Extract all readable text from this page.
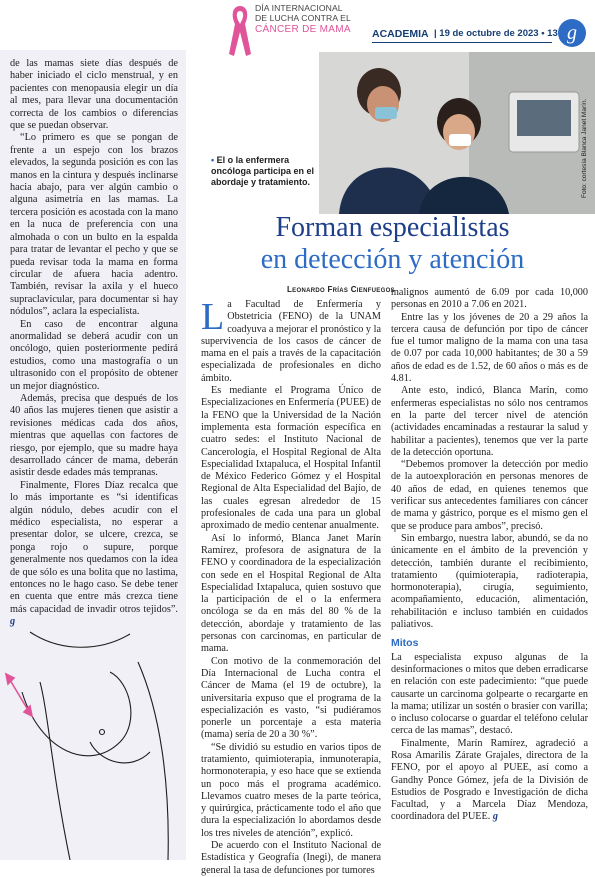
DÍA INTERNACIONAL
DE LUCHA CONTRA EL
CÁNCER DE MAMA ACADEMIA | 19 de octubre de 2023 • 13 g

de las mamas siete días después de haber iniciado el ciclo menstrual, y en pacientes con menopausia elegir un día al mes, para llevar una documentación correcta de los cambios o diferencias que se puedan observar.

“Lo primero es que se pongan de frente a un espejo con los brazos elevados, la segunda posición es con las manos en la cintura y después inclinarse hacia abajo, para ver algún cambio o alguna asimetría en las mamas. La tercera posición es acostada con la mano en la nuca de preferencia con una almohada o con un bulto en la espalda para tratar de levantar el pecho y que se pueda revisar toda la mama en forma circular de afuera hacia adentro. También, revisar la axila y el hueco supraclavicular, para documentar si hay nódulos”, aclara la especialista.

En caso de encontrar alguna anormalidad se deberá acudir con un oncólogo, quien posteriormente pedirá estudios, como una mastografía o un ultrasonido con el propósito de obtener un mejor diagnóstico.

Además, precisa que después de los 40 años las mujeres tienen que asistir a revisiones médicas cada dos años, mientras que aquellas con factores de riesgo, por ejemplo, que su madre haya desarrollado cáncer de mama, deberán asistir desde edades más tempranas.

Finalmente, Flores Díaz recalca que lo más importante es “si identificas algún nódulo, debes acudir con el médico especialista, no esperar a presentar dolor, se ulcere, crezca, se ponga rojo o supure, porque generalmente nos quedamos con la idea de que sólo es una bolita que no lastima, entonces no le hago caso. Se debe tener en cuenta que entre más crezca tiene más capacidad de invadir otros tejidos”. g

Foto: cortesía Blanca Janet Marín.
• El o la enfermera oncóloga participa en el abordaje y tratamiento.
Forman especialistas
en detección y atención
Leonardo Frías Cienfuegos

La Facultad de Enfermería y Obstetricia (FENO) de la UNAM coadyuva a mejorar el pronóstico y la supervivencia de los casos de cáncer de mama en el país a través de la capacitación especializada de profesionales en dicho ámbito.

Es mediante el Programa Único de Especializaciones en Enfermería (PUEE) de la FENO que la Universidad de la Nación implementa esta formación específica en cuatro sedes: el Instituto Nacional de Cancerología, el Hospital Regional de Alta Especialidad Ixtapaluca, el Hospital Infantil de México Federico Gómez y el Hospital Regional de Alta Especialidad del Bajío, de las cuales egresan alrededor de 15 profesionales de cada una para un global aproximado de medio centenar anualmente.

Así lo informó, Blanca Janet Marín Ramírez, profesora de asignatura de la FENO y coordinadora de la especialización con sede en el Hospital Regional de Alta Especialidad Ixtapaluca, quien sostuvo que la participación de el o la enfermera oncóloga se da en más del 80 % de la detección, abordaje y tratamiento de las personas con carcinomas, en particular de mama.

Con motivo de la conmemoración del Día Internacional de Lucha contra el Cáncer de Mama (el 19 de octubre), la universitaria expuso que el programa de la especialización es vasto, “si pudiéramos ponerle un porcentaje a esta materia (mama) sería de 20 a 30 %”.

“Se dividió su estudio en varios tipos de tratamiento, quimioterapia, inmunoterapia, hormonoterapia, y eso hace que se extienda un poco más el programa académico. Llevamos cuatro meses de la parte teórica, y quirúrgica, prácticamente todo el año que dura la especialización lo abordamos desde los tres niveles de atención”, explicó.

De acuerdo con el Instituto Nacional de Estadística y Geografía (Inegi), de manera general la tasa de defunciones por tumores

malignos aumentó de 6.09 por cada 10,000 personas en 2010 a 7.06 en 2021.

Entre las y los jóvenes de 20 a 29 años la tercera causa de defunción por tipo de cáncer fue el tumor maligno de la mama con una tasa de 0.07 por cada 10,000 habitantes; de 30 a 59 años de edad es de 1.52, de 60 años o más es de 4.81.

Ante esto, indicó, Blanca Marín, como enfermeras especialistas no sólo nos centramos en la parte del tercer nivel de atención (actividades encaminadas a restaurar la salud y habilitar a pacientes), tenemos que ver la parte de la detección oportuna.

“Debemos promover la detección por medio de la autoexploración en personas menores de 40 años de edad, en quienes tenemos que verificar sus antecedentes familiares con cáncer de mama y gástrico, porque es el mismo gen el que se produce para ambos”, precisó.

Sin embargo, nuestra labor, abundó, se da no únicamente en el ámbito de la prevención y detección, también durante el recibimiento, tratamiento (quimioterapia, radioterapia, hormonoterapia), cirugía, seguimiento, acompañamiento, educación, alimentación, rehabilitación e incluso también en cuidados paliativos.

Mitos

La especialista expuso algunas de la desinformaciones o mitos que deben erradicarse en relación con este padecimiento: “que puede causarte un carcinoma golpearte o recargarte en la mama; utilizar un sostén o brasier con varilla; o incluso colocarse o guardar el teléfono celular cerca de las mamas”, destacó.

Finalmente, Marín Ramírez, agradeció a Rosa Amarilis Zárate Grajales, directora de la FENO, por el apoyo al PUEE, así como a Gandhy Ponce Gómez, jefa de la División de Estudios de Posgrado e Investigación de dicha Facultad, y a Marcela Díaz Mendoza, coordinadora del PUEE. g
